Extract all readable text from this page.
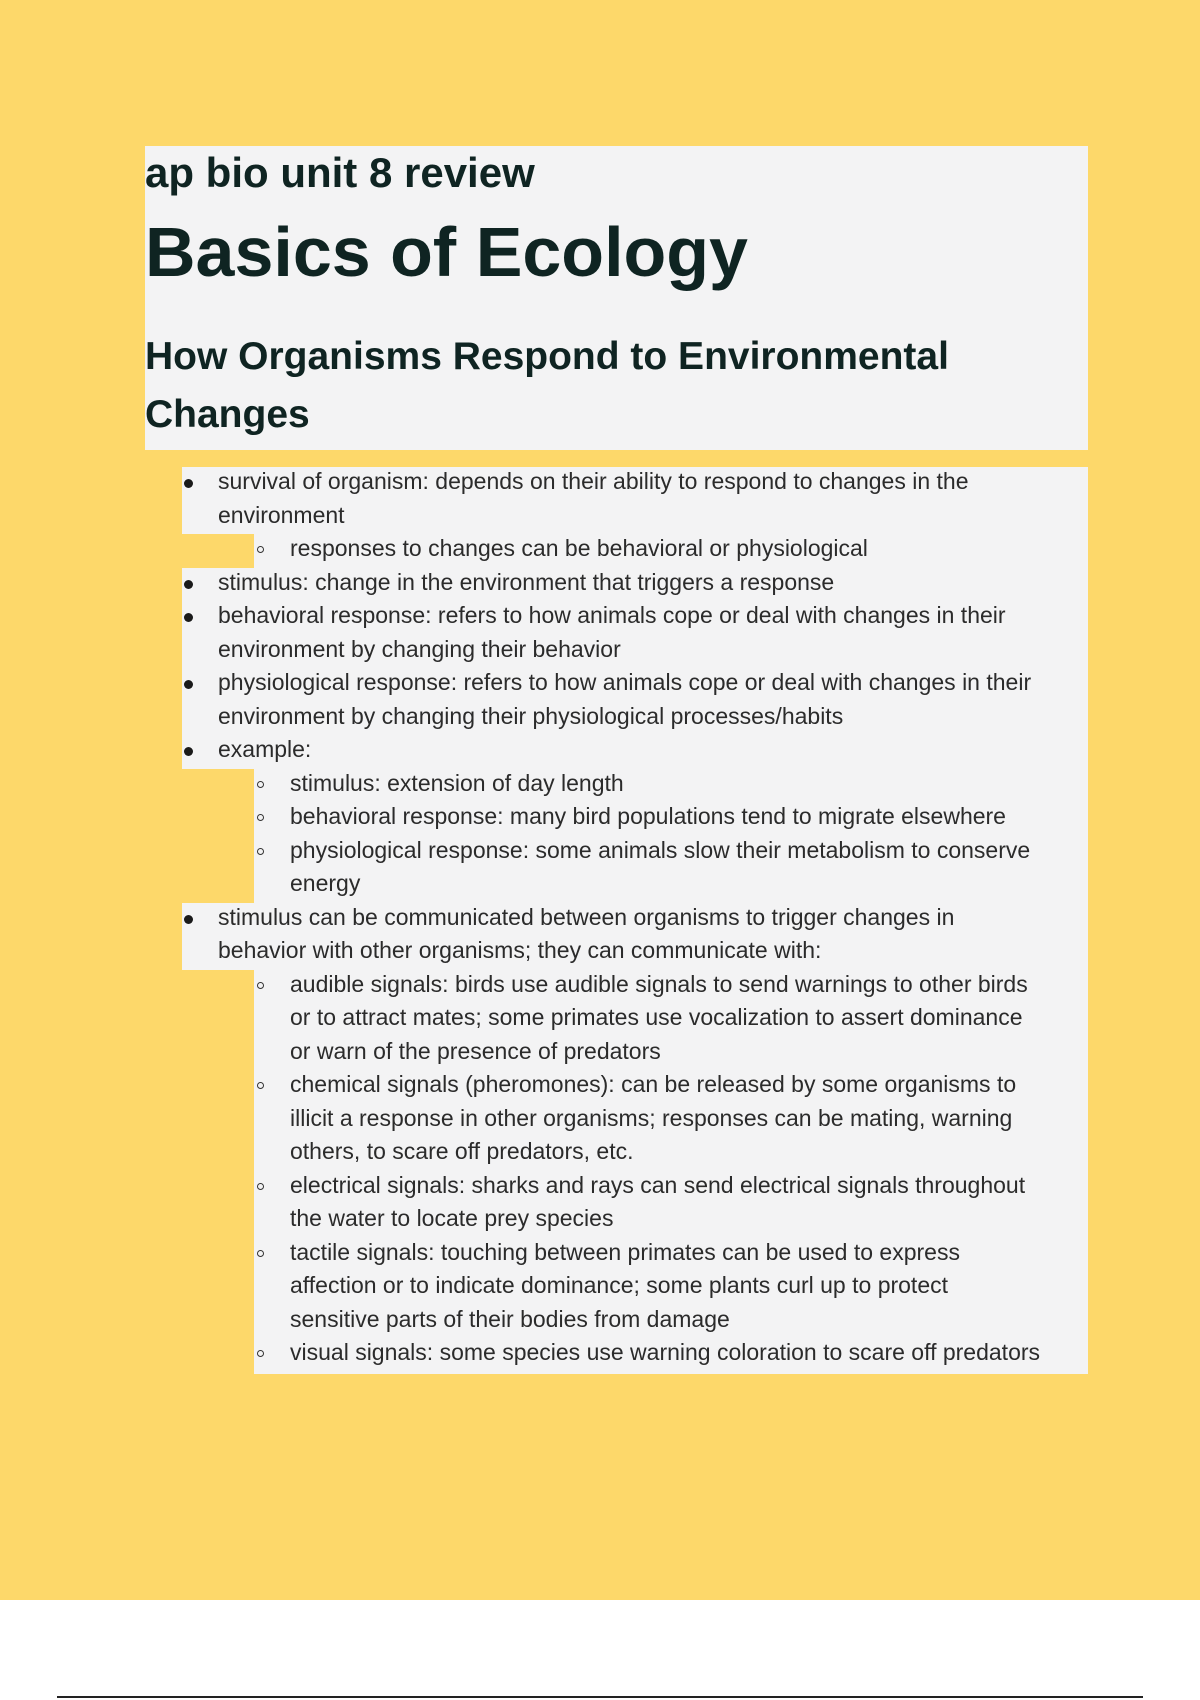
ap bio unit 8 review
Basics of Ecology
How Organisms Respond to Environmental Changes
survival of organism: depends on their ability to respond to changes in the
environment
responses to changes can be behavioral or physiological
stimulus: change in the environment that triggers a response
behavioral response: refers to how animals cope or deal with changes in their
environment by changing their behavior
physiological response: refers to how animals cope or deal with changes in their
environment by changing their physiological processes/habits
example:
stimulus: extension of day length
behavioral response: many bird populations tend to migrate elsewhere
physiological response: some animals slow their metabolism to conserve
energy
stimulus can be communicated between organisms to trigger changes in
behavior with other organisms; they can communicate with:
audible signals: birds use audible signals to send warnings to other birds
or to attract mates; some primates use vocalization to assert dominance
or warn of the presence of predators
chemical signals (pheromones): can be released by some organisms to
illicit a response in other organisms; responses can be mating, warning
others, to scare off predators, etc.
electrical signals: sharks and rays can send electrical signals throughout
the water to locate prey species
tactile signals: touching between primates can be used to express
affection or to indicate dominance; some plants curl up to protect
sensitive parts of their bodies from damage
visual signals: some species use warning coloration to scare off predators
